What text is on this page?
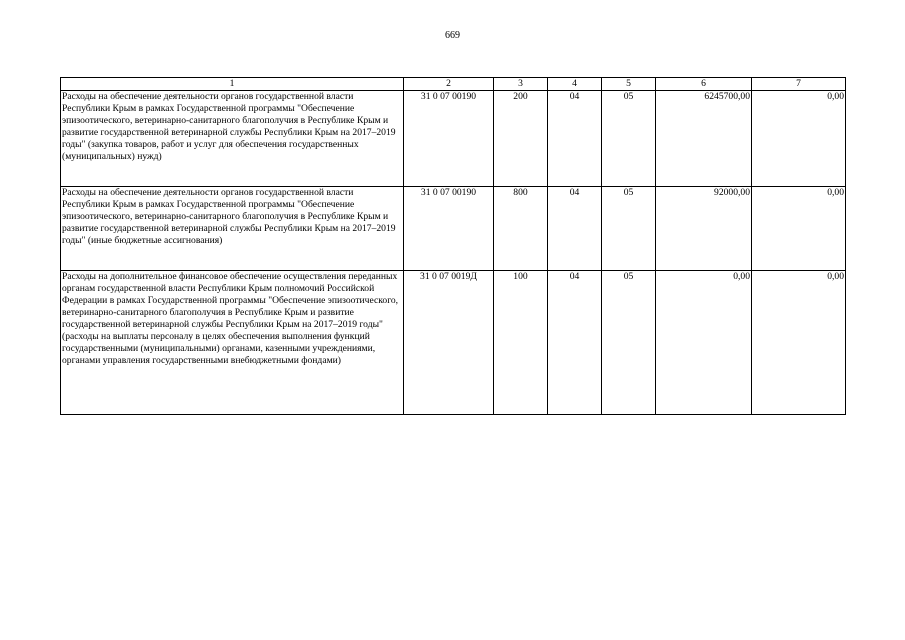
669
1	2	3	4	5	6	7
Расходы на обеспечение деятельности органов государственной власти Республики Крым в рамках Государственной программы "Обеспечение эпизоотического, ветеринарно-санитарного благополучия в Республике Крым и развитие государственной ветеринарной службы Республики Крым на 2017–2019 годы" (закупка товаров, работ и услуг для обеспечения государственных (муниципальных) нужд)	31 0 07 00190	200	04	05	6245700,00	0,00
Расходы на обеспечение деятельности органов государственной власти Республики Крым в рамках Государственной программы "Обеспечение эпизоотического, ветеринарно-санитарного благополучия в Республике Крым и развитие государственной ветеринарной службы Республики Крым на 2017–2019 годы" (иные бюджетные ассигнования)	31 0 07 00190	800	04	05	92000,00	0,00
Расходы на дополнительное финансовое обеспечение осуществления переданных органам государственной власти Республики Крым полномочий Российской Федерации в рамках Государственной программы "Обеспечение эпизоотического, ветеринарно-санитарного благополучия в Республике Крым и развитие государственной ветеринарной службы Республики Крым на 2017–2019 годы" (расходы на выплаты персоналу в целях обеспечения выполнения функций государственными (муниципальными) органами, казенными учреждениями, органами управления государственными внебюджетными фондами)	31 0 07 0019Д	100	04	05	0,00	0,00
